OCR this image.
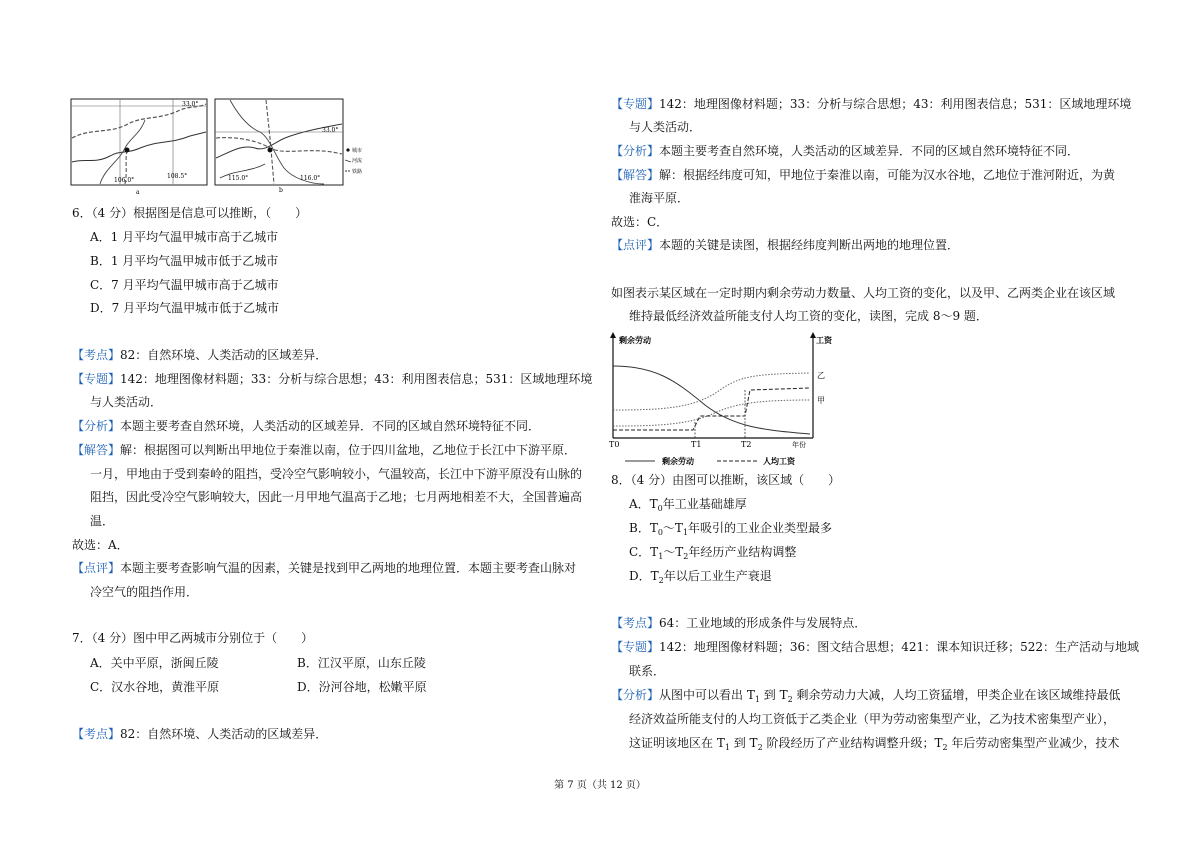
33.0°
106.0°
108.5°
a
33.0°
115.0°	116.0°
b
城市
河流
铁路
6．（4 分）根据图是信息可以推断，（　　）
A．1 月平均气温甲城市高于乙城市
B．1 月平均气温甲城市低于乙城市
C．7 月平均气温甲城市高于乙城市
D．7 月平均气温甲城市低于乙城市
【考点】82：自然环境、人类活动的区域差异．
【专题】142：地理图像材料题；33：分析与综合思想；43：利用图表信息；531：区域地理环境
与人类活动．
【分析】本题主要考查自然环境，人类活动的区域差异．不同的区域自然环境特征不同．
【解答】解：根据图可以判断出甲地位于秦淮以南，位于四川盆地，乙地位于长江中下游平原．
一月，甲地由于受到秦岭的阻挡，受冷空气影响较小，气温较高，长江中下游平原没有山脉的
阻挡，因此受冷空气影响较大，因此一月甲地气温高于乙地；七月两地相差不大，全国普遍高
温．
故选：A．
【点评】本题主要考查影响气温的因素，关键是找到甲乙两地的地理位置．本题主要考查山脉对
冷空气的阻挡作用．
7．（4 分）图中甲乙两城市分别位于（　　）
A．关中平原，浙闽丘陵	B．江汉平原，山东丘陵
C．汉水谷地，黄淮平原	D．汾河谷地，松嫩平原
【考点】82：自然环境、人类活动的区域差异．
【专题】142：地理图像材料题；33：分析与综合思想；43：利用图表信息；531：区域地理环境
与人类活动．
【分析】本题主要考查自然环境，人类活动的区域差异．不同的区域自然环境特征不同．
【解答】解：根据经纬度可知，甲地位于秦淮以南，可能为汉水谷地，乙地位于淮河附近，为黄
淮海平原．
故选：C．
【点评】本题的关键是读图，根据经纬度判断出两地的地理位置．
如图表示某区域在一定时期内剩余劳动力数量、人均工资的变化，以及甲、乙两类企业在该区域
维持最低经济效益所能支付人均工资的变化，读图，完成 8～9 题．
剩余劳动	工资
乙
甲
T0	T1	T2	年份
剩余劳动	人均工资
8．（4 分）由图可以推断，该区域（　　）
A．$T_0$年工业基础雄厚
B．$T_0\sim T_1$年吸引的工业企业类型最多
C．$T_1\sim T_2$年经历产业结构调整
D．$T_2$年以后工业生产衰退
【考点】64：工业地域的形成条件与发展特点．
【专题】142：地理图像材料题；36：图文结合思想；421：课本知识迁移；522：生产活动与地域
联系．
【分析】从图中可以看出 $T_1$ 到 $T_2$ 剩余劳动力大减，人均工资猛增，甲类企业在该区域维持最低
经济效益所能支付的人均工资低于乙类企业（甲为劳动密集型产业，乙为技术密集型产业），
这证明该地区在 $T_1$ 到 $T_2$ 阶段经历了产业结构调整升级；$T_2$ 年后劳动密集型产业减少，技术
第 7 页（共 12 页）
